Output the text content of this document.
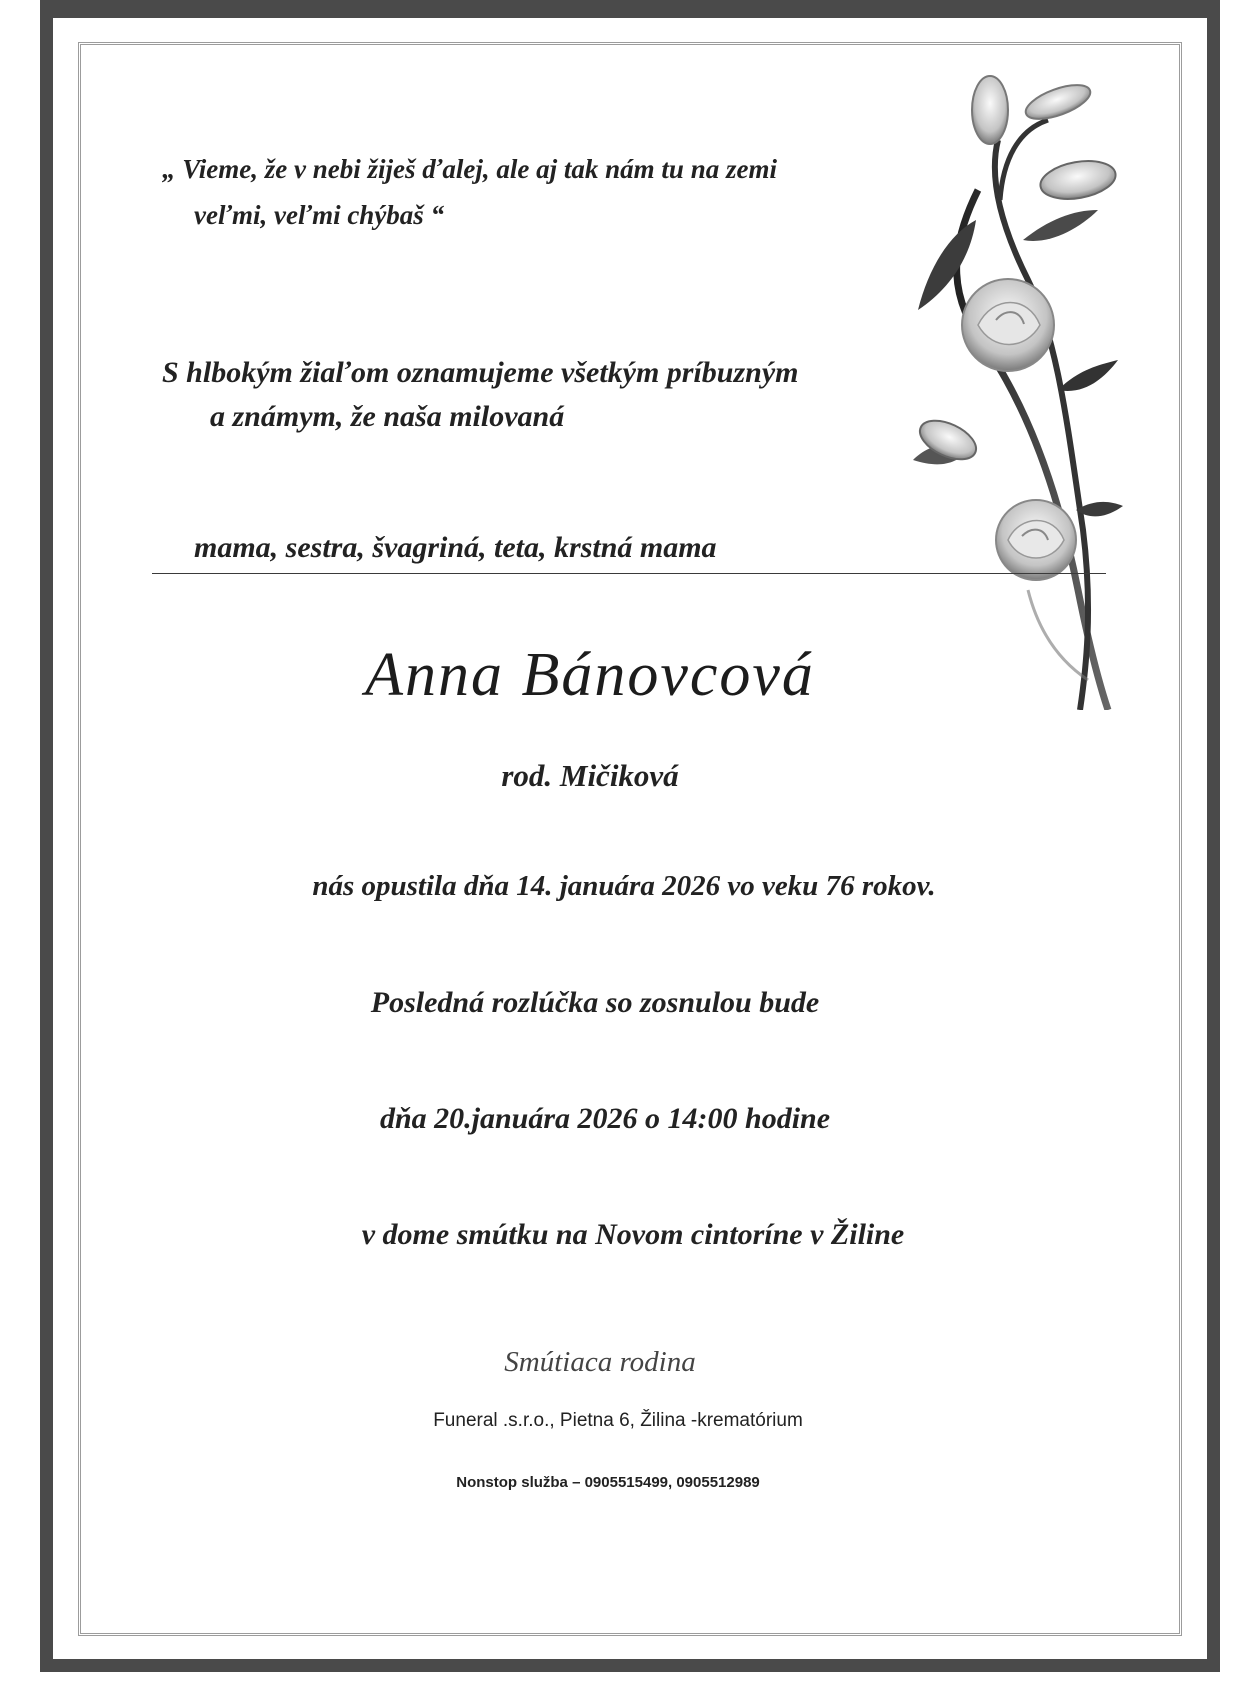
„ Vieme, že v nebi žiješ ďalej, ale aj tak nám tu na zemi

veľmi, veľmi chýbaš “

S hlbokým žiaľom oznamujeme všetkým príbuzným

a známym, že naša milovaná

mama, sestra, švagriná, teta, krstná mama

Anna Bánovcová

rod. Mičiková

nás opustila dňa 14. januára 2026 vo veku 76 rokov.

Posledná rozlúčka so zosnulou bude

dňa 20.januára 2026 o 14:00 hodine

v dome smútku na Novom cintoríne v Žiline

Smútiaca rodina

Funeral .s.r.o., Pietna 6, Žilina -krematórium

Nonstop služba – 0905515499, 0905512989
